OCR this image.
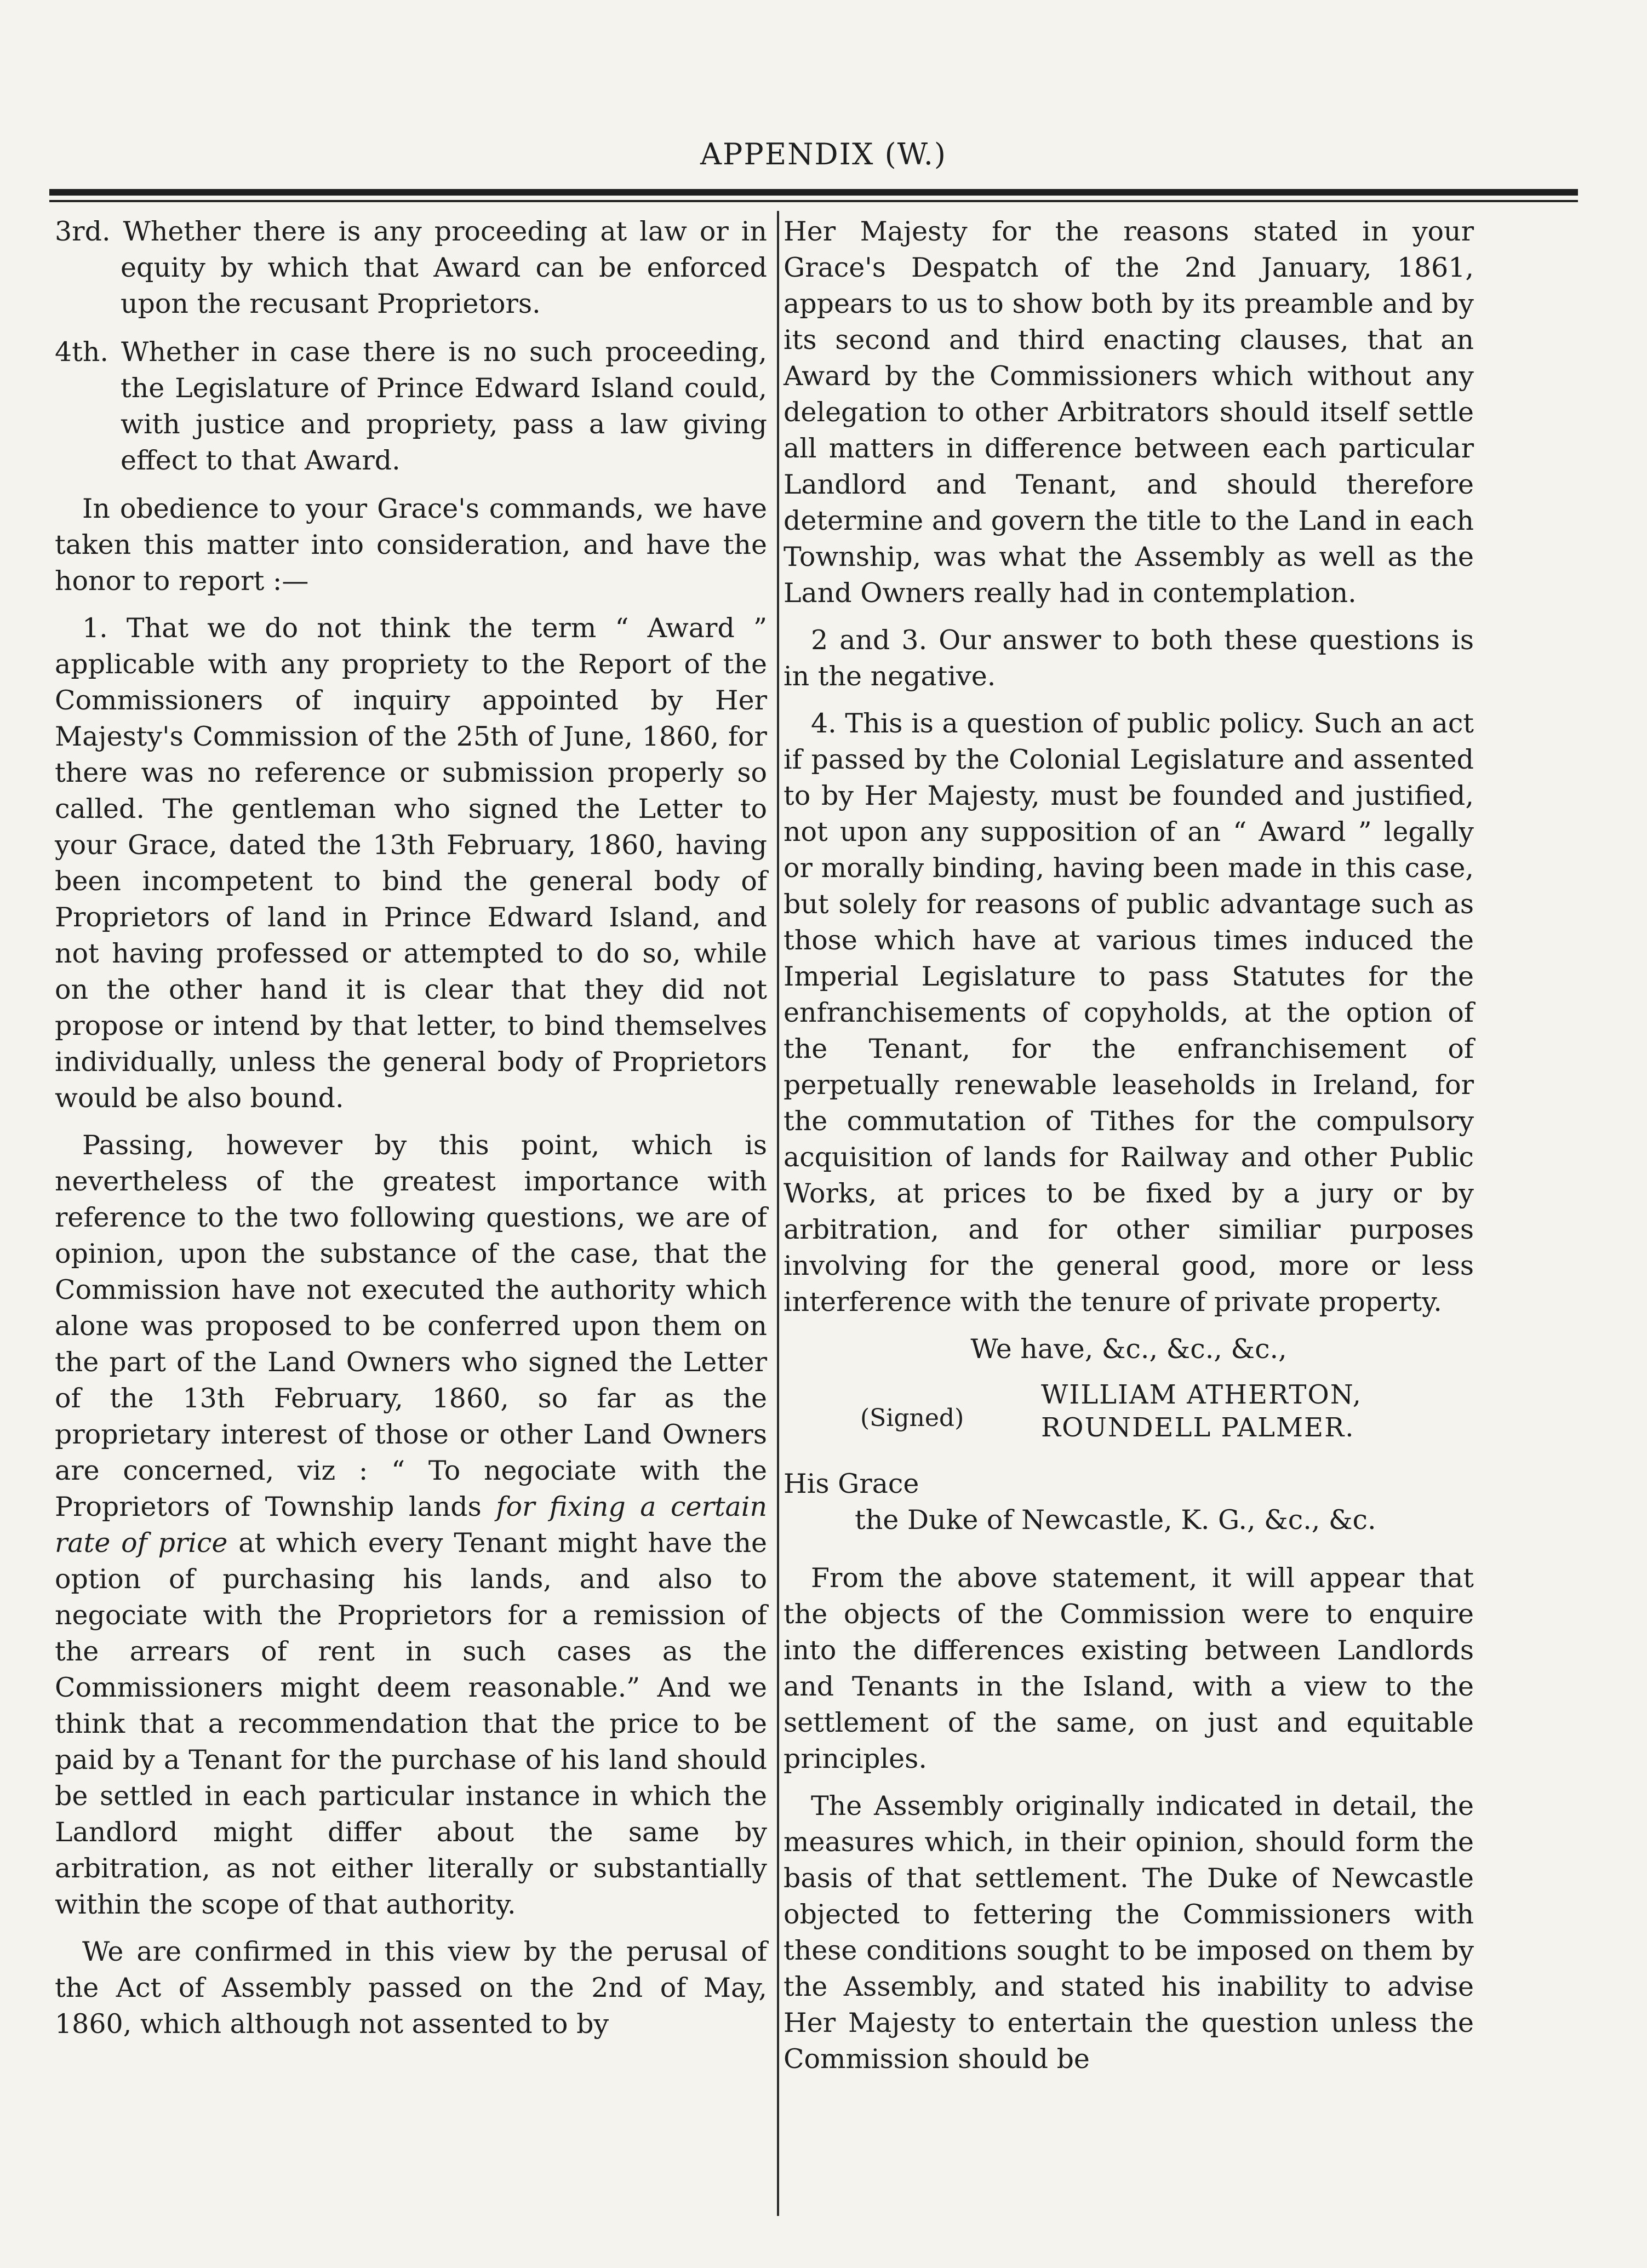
APPENDIX (W.)

3rd. Whether there is any proceeding at law or in equity by which that Award can be enforced upon the recusant Proprietors.

4th. Whether in case there is no such proceeding, the Legislature of Prince Edward Island could, with justice and propriety, pass a law giving effect to that Award.

In obedience to your Grace's commands, we have taken this matter into consideration, and have the honor to report :—

1. That we do not think the term “ Award ” applicable with any propriety to the Report of the Commissioners of inquiry appointed by Her Majesty's Commission of the 25th of June, 1860, for there was no reference or submission properly so called. The gentleman who signed the Letter to your Grace, dated the 13th February, 1860, having been incompetent to bind the general body of Proprietors of land in Prince Edward Island, and not having professed or attempted to do so, while on the other hand it is clear that they did not propose or intend by that letter, to bind themselves individually, unless the general body of Proprietors would be also bound.

Passing, however by this point, which is nevertheless of the greatest importance with reference to the two following questions, we are of opinion, upon the substance of the case, that the Commission have not executed the authority which alone was proposed to be conferred upon them on the part of the Land Owners who signed the Letter of the 13th February, 1860, so far as the proprietary interest of those or other Land Owners are concerned, viz : “ To negociate with the Proprietors of Township lands for fixing a certain rate of price at which every Tenant might have the option of purchasing his lands, and also to negociate with the Proprietors for a remission of the arrears of rent in such cases as the Commissioners might deem reasonable.” And we think that a recommendation that the price to be paid by a Tenant for the purchase of his land should be settled in each particular instance in which the Landlord might differ about the same by arbitration, as not either literally or substantially within the scope of that authority.

We are confirmed in this view by the perusal of the Act of Assembly passed on the 2nd of May, 1860, which although not assented to by

Her Majesty for the reasons stated in your Grace's Despatch of the 2nd January, 1861, appears to us to show both by its preamble and by its second and third enacting clauses, that an Award by the Commissioners which without any delegation to other Arbitrators should itself settle all matters in difference between each particular Landlord and Tenant, and should therefore determine and govern the title to the Land in each Township, was what the Assembly as well as the Land Owners really had in contemplation.

2 and 3. Our answer to both these questions is in the negative.

4. This is a question of public policy. Such an act if passed by the Colonial Legislature and assented to by Her Majesty, must be founded and justified, not upon any supposition of an “ Award ” legally or morally binding, having been made in this case, but solely for reasons of public advantage such as those which have at various times induced the Imperial Legislature to pass Statutes for the enfranchisements of copyholds, at the option of the Tenant, for the enfranchisement of perpetually renewable leaseholds in Ireland, for the commutation of Tithes for the compulsory acquisition of lands for Railway and other Public Works, at prices to be fixed by a jury or by arbitration, and for other similiar purposes involving for the general good, more or less interference with the tenure of private property.

We have, &c., &c., &c.,

(Signed)
WILLIAM ATHERTON,
ROUNDELL PALMER.
His Grace
the Duke of Newcastle, K. G., &c., &c.

From the above statement, it will appear that the objects of the Commission were to enquire into the differences existing between Landlords and Tenants in the Island, with a view to the settlement of the same, on just and equitable principles.

The Assembly originally indicated in detail, the measures which, in their opinion, should form the basis of that settlement. The Duke of Newcastle objected to fettering the Commissioners with these conditions sought to be imposed on them by the Assembly, and stated his inability to advise Her Majesty to entertain the question unless the Commission should be
